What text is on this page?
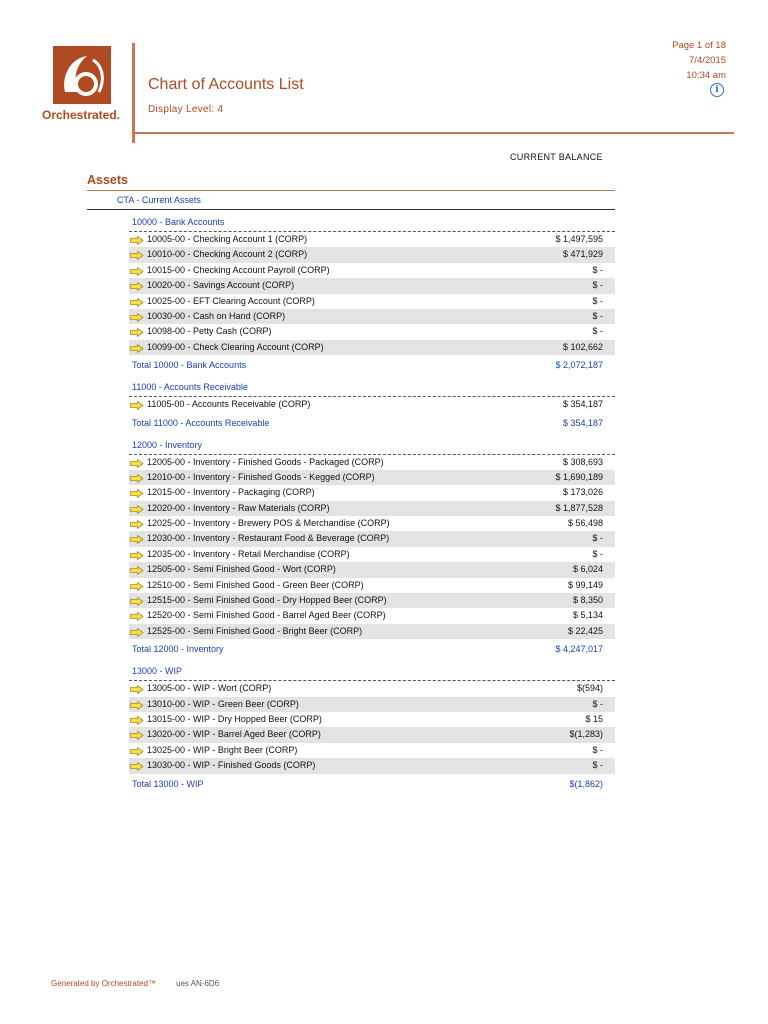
Orchestrated.
Chart of Accounts List
Display Level: 4
Page 1 of 18
7/4/2015
10:34 am
i
CURRENT BALANCE
Assets
CTA - Current Assets
10000 - Bank Accounts
10005-00 - Checking Account 1 (CORP)	$ 1,497,595
10010-00 - Checking Account 2 (CORP)	$ 471,929
10015-00 - Checking Account Payroll (CORP)	$ -
10020-00 - Savings Account (CORP)	$ -
10025-00 - EFT Clearing Account (CORP)	$ -
10030-00 - Cash on Hand (CORP)	$ -
10098-00 - Petty Cash (CORP)	$ -
10099-00 - Check Clearing Account (CORP)	$ 102,662
Total 10000 - Bank Accounts	$ 2,072,187
11000 - Accounts Receivable
11005-00 - Accounts Receivable (CORP)	$ 354,187
Total 11000 - Accounts Receivable	$ 354,187
12000 - Inventory
12005-00 - Inventory - Finished Goods - Packaged (CORP)	$ 308,693
12010-00 - Inventory - Finished Goods - Kegged (CORP)	$ 1,690,189
12015-00 - Inventory - Packaging (CORP)	$ 173,026
12020-00 - Inventory - Raw Materials (CORP)	$ 1,877,528
12025-00 - Inventory - Brewery POS & Merchandise (CORP)	$ 56,498
12030-00 - Inventory - Restaurant Food & Beverage (CORP)	$ -
12035-00 - Inventory - Retail Merchandise (CORP)	$ -
12505-00 - Semi Finished Good - Wort (CORP)	$ 6,024
12510-00 - Semi Finished Good - Green Beer (CORP)	$ 99,149
12515-00 - Semi Finished Good - Dry Hopped Beer (CORP)	$ 8,350
12520-00 - Semi Finished Good - Barrel Aged Beer (CORP)	$ 5,134
12525-00 - Semi Finished Good - Bright Beer (CORP)	$ 22,425
Total 12000 - Inventory	$ 4,247,017
13000 - WIP
13005-00 - WIP - Wort (CORP)	$(594)
13010-00 - WIP - Green Beer (CORP)	$ -
13015-00 - WIP - Dry Hopped Beer (CORP)	$ 15
13020-00 - WIP - Barrel Aged Beer (CORP)	$(1,283)
13025-00 - WIP - Bright Beer (CORP)	$ -
13030-00 - WIP - Finished Goods (CORP)	$ -
Total 13000 - WIP	$(1,862)
Generated by Orchestrated™	ues AN-6D6
